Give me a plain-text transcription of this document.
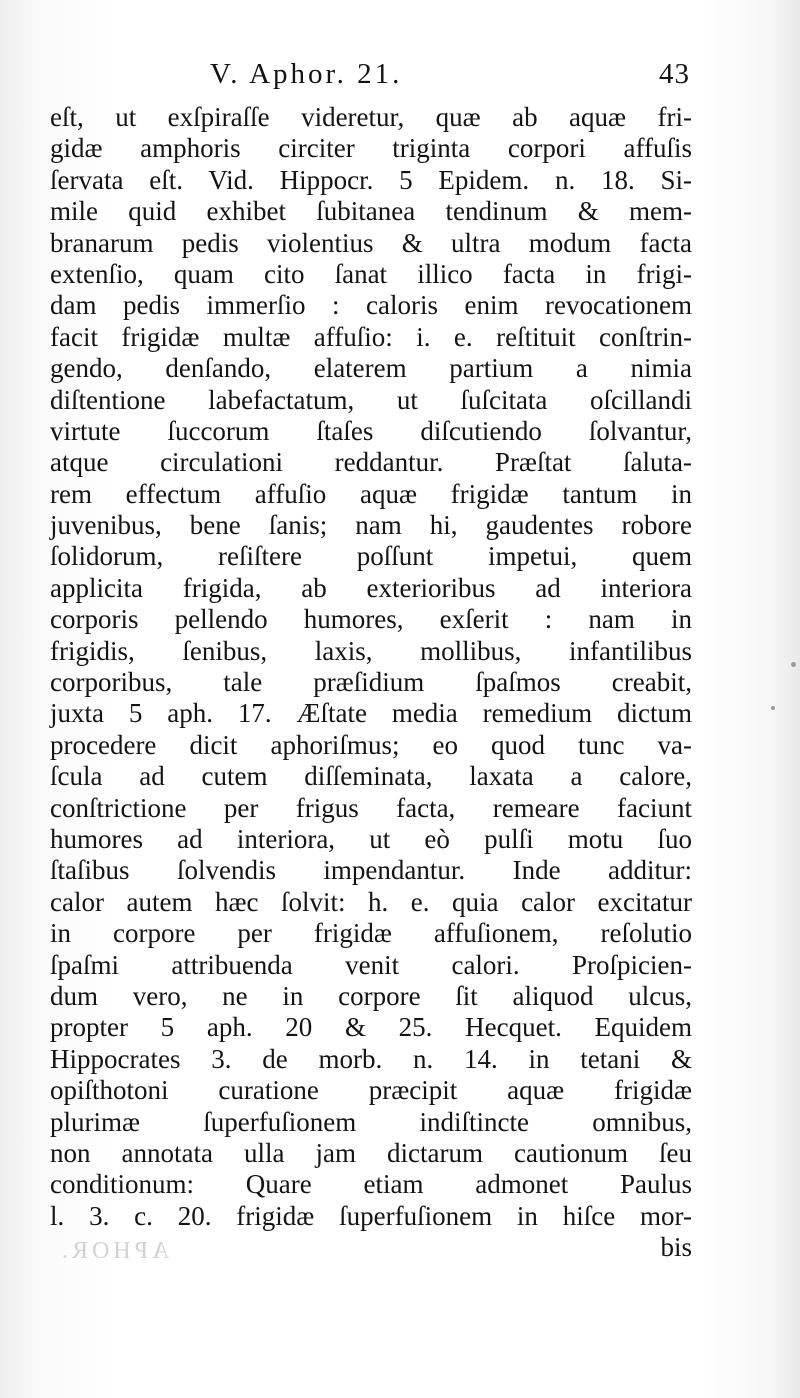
V. Aphor. 21.	43
eſt, ut exſpiraſſe videretur, quæ ab aquæ fri-
gidæ amphoris circiter triginta corpori affuſis
ſervata eſt. Vid. Hippocr. 5 Epidem. n. 18. Si-
mile quid exhibet ſubitanea tendinum & mem-
branarum pedis violentius & ultra modum facta
extenſio, quam cito ſanat illico facta in frigi-
dam pedis immerſio : caloris enim revocationem
facit frigidæ multæ affuſio: i. e. reſtituit conſtrin-
gendo, denſando, elaterem partium a nimia
diſtentione labefactatum, ut ſuſcitata oſcillandi
virtute ſuccorum ſtaſes diſcutiendo ſolvantur,
atque circulationi reddantur. Præſtat ſaluta-
rem effectum affuſio aquæ frigidæ tantum in
juvenibus, bene ſanis; nam hi, gaudentes robore
ſolidorum, reſiſtere poſſunt impetui, quem
applicita frigida, ab exterioribus ad interiora
corporis pellendo humores, exſerit : nam in
frigidis, ſenibus, laxis, mollibus, infantilibus
corporibus, tale præſidium ſpaſmos creabit,
juxta 5 aph. 17. Æſtate media remedium dictum
procedere dicit aphoriſmus; eo quod tunc va-
ſcula ad cutem diſſeminata, laxata a calore,
conſtrictione per frigus facta, remeare faciunt
humores ad interiora, ut eò pulſi motu ſuo
ſtaſibus ſolvendis impendantur. Inde additur:
calor autem hæc ſolvit: h. e. quia calor excitatur
in corpore per frigidæ affuſionem, reſolutio
ſpaſmi attribuenda venit calori. Proſpicien-
dum vero, ne in corpore ſit aliquod ulcus,
propter 5 aph. 20 & 25. Hecquet. Equidem
Hippocrates 3. de morb. n. 14. in tetani &
opiſthotoni curatione præcipit aquæ frigidæ
plurimæ ſuperfuſionem indiſtincte omnibus,
non annotata ulla jam dictarum cautionum ſeu
conditionum: Quare etiam admonet Paulus
l. 3. c. 20. frigidæ ſuperfuſionem in hiſce mor-
bis
APHOR.
